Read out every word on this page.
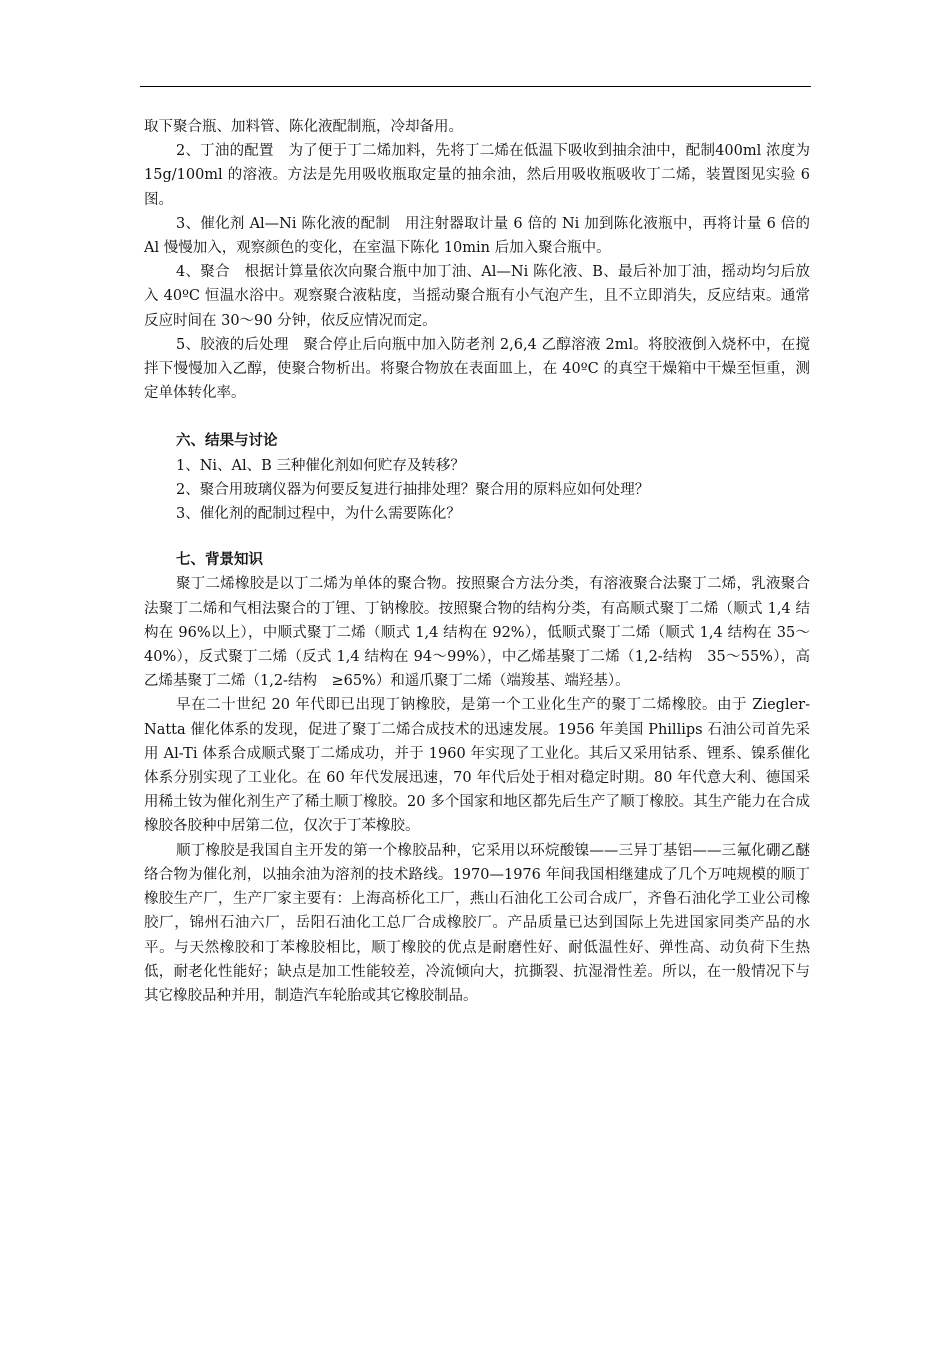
取下聚合瓶、加料管、陈化液配制瓶，冷却备用。

2、丁油的配置　为了便于丁二烯加料，先将丁二烯在低温下吸收到抽余油中，配制400ml 浓度为 15g/100ml 的溶液。方法是先用吸收瓶取定量的抽余油，然后用吸收瓶吸收丁二烯，装置图见实验 6 图。

3、催化剂 Al—Ni 陈化液的配制　用注射器取计量 6 倍的 Ni 加到陈化液瓶中，再将计量 6 倍的 Al 慢慢加入，观察颜色的变化，在室温下陈化 10min 后加入聚合瓶中。

4、聚合　根据计算量依次向聚合瓶中加丁油、Al—Ni 陈化液、B、最后补加丁油，摇动均匀后放入 40ºC 恒温水浴中。观察聚合液粘度，当摇动聚合瓶有小气泡产生，且不立即消失，反应结束。通常反应时间在 30～90 分钟，依反应情况而定。

5、胶液的后处理　聚合停止后向瓶中加入防老剂 2,6,4 乙醇溶液 2ml。将胶液倒入烧杯中，在搅拌下慢慢加入乙醇，使聚合物析出。将聚合物放在表面皿上，在 40ºC 的真空干燥箱中干燥至恒重，测定单体转化率。

六、结果与讨论

1、Ni、Al、B 三种催化剂如何贮存及转移？

2、聚合用玻璃仪器为何要反复进行抽排处理？聚合用的原料应如何处理？

3、催化剂的配制过程中，为什么需要陈化？

七、背景知识

聚丁二烯橡胶是以丁二烯为单体的聚合物。按照聚合方法分类，有溶液聚合法聚丁二烯，乳液聚合法聚丁二烯和气相法聚合的丁锂、丁钠橡胶。按照聚合物的结构分类，有高顺式聚丁二烯（顺式 1,4 结构在 96%以上），中顺式聚丁二烯（顺式 1,4 结构在 92%），低顺式聚丁二烯（顺式 1,4 结构在 35～40%），反式聚丁二烯（反式 1,4 结构在 94～99%），中乙烯基聚丁二烯（1,2-结构　35～55%），高乙烯基聚丁二烯（1,2-结构　≥65%）和遥爪聚丁二烯（端羧基、端羟基）。

早在二十世纪 20 年代即已出现丁钠橡胶，是第一个工业化生产的聚丁二烯橡胶。由于 Ziegler-Natta 催化体系的发现，促进了聚丁二烯合成技术的迅速发展。1956 年美国 Phillips 石油公司首先采用 Al-Ti 体系合成顺式聚丁二烯成功，并于 1960 年实现了工业化。其后又采用钴系、锂系、镍系催化体系分别实现了工业化。在 60 年代发展迅速，70 年代后处于相对稳定时期。80 年代意大利、德国采用稀土钕为催化剂生产了稀土顺丁橡胶。20 多个国家和地区都先后生产了顺丁橡胶。其生产能力在合成橡胶各胶种中居第二位，仅次于丁苯橡胶。

顺丁橡胶是我国自主开发的第一个橡胶品种，它采用以环烷酸镍——三异丁基铝——三氟化硼乙醚络合物为催化剂，以抽余油为溶剂的技术路线。1970—1976 年间我国相继建成了几个万吨规模的顺丁橡胶生产厂，生产厂家主要有：上海高桥化工厂，燕山石油化工公司合成厂，齐鲁石油化学工业公司橡胶厂，锦州石油六厂，岳阳石油化工总厂合成橡胶厂。产品质量已达到国际上先进国家同类产品的水平。与天然橡胶和丁苯橡胶相比，顺丁橡胶的优点是耐磨性好、耐低温性好、弹性高、动负荷下生热低，耐老化性能好；缺点是加工性能较差，冷流倾向大，抗撕裂、抗湿滑性差。所以，在一般情况下与其它橡胶品种并用，制造汽车轮胎或其它橡胶制品。
